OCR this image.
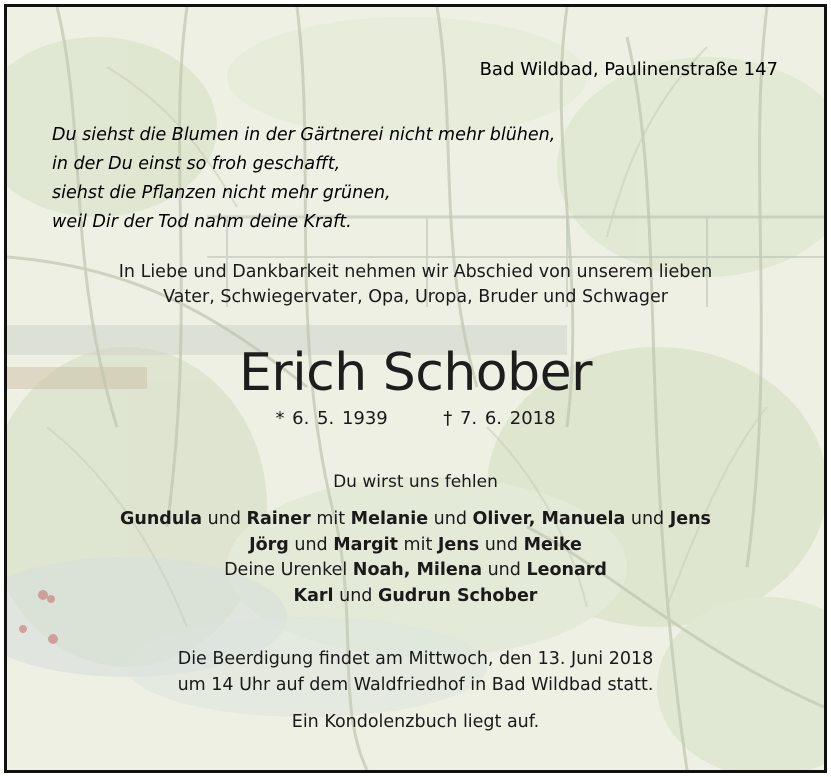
Bad Wildbad, Paulinenstraße 147
Du siehst die Blumen in der Gärtnerei nicht mehr blühen,
in der Du einst so froh geschafft,
siehst die Pflanzen nicht mehr grünen,
weil Dir der Tod nahm deine Kraft.
In Liebe und Dankbarkeit nehmen wir Abschied von unserem lieben
Vater, Schwiegervater, Opa, Uropa, Bruder und Schwager
Erich Schober
* 6. 5. 1939	† 7. 6. 2018
Du wirst uns fehlen
Gundula und Rainer mit Melanie und Oliver, Manuela und Jens
Jörg und Margit mit Jens und Meike
Deine Urenkel Noah, Milena und Leonard
Karl und Gudrun Schober
Die Beerdigung findet am Mittwoch, den 13. Juni 2018
um 14 Uhr auf dem Waldfriedhof in Bad Wildbad statt.
Ein Kondolenzbuch liegt auf.
